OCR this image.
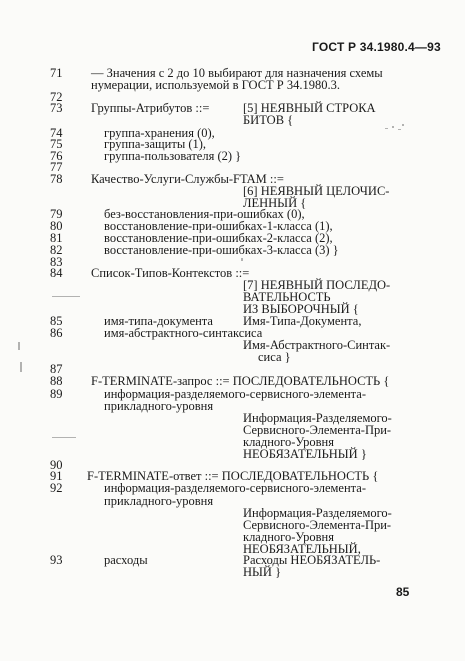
ГОСТ Р 34.1980.4—93
71
72
73
74
75
76
77
78
79
80
81
82
83
84
85
86
87
88
89
90
91
92
93
— Значения с 2 до 10 выбирают для назначения схемы
нумерации, используемой в ГОСТ Р 34.1980.3.
Группы-Атрибутов ::=	[5] НЕЯВНЫЙ СТРОКА
БИТОВ {
группа-хранения (0),
группа-защиты (1),
группа-пользователя (2) }
Качество-Услуги-Службы-FTAM ::=
[6] НЕЯВНЫЙ ЦЕЛОЧИС-
ЛЕННЫЙ {
без-восстановления-при-ошибках (0),
восстановление-при-ошибках-1-класса (1),
восстановление-при-ошибках-2-класса (2),
восстановление-при-ошибках-3-класса (3) }
Список-Типов-Контекстов ::=
[7] НЕЯВНЫЙ ПОСЛЕДО-
ВАТЕЛЬНОСТЬ
ИЗ ВЫБОРОЧНЫЙ {
имя-типа-документа Имя-Типа-Документа,
имя-абстрактного-синтаксиса
Имя-Абстрактного-Синтак-
сиса }
F-TERMINATE-запрос ::= ПОСЛЕДОВАТЕЛЬНОСТЬ {
информация-разделяемого-сервисного-элемента-
прикладного-уровня
Информация-Разделяемого-
Сервисного-Элемента-При-
кладного-Уровня
НЕОБЯЗАТЕЛЬНЫЙ }
F-TERMINATE-ответ ::= ПОСЛЕДОВАТЕЛЬНОСТЬ {
информация-разделяемого-сервисного-элемента-
прикладного-уровня
Информация-Разделяемого-
Сервисного-Элемента-При-
кладного-Уровня
НЕОБЯЗАТЕЛЬНЫЙ,
расходы	Расходы НЕОБЯЗАТЕЛЬ-
НЫЙ }
85
